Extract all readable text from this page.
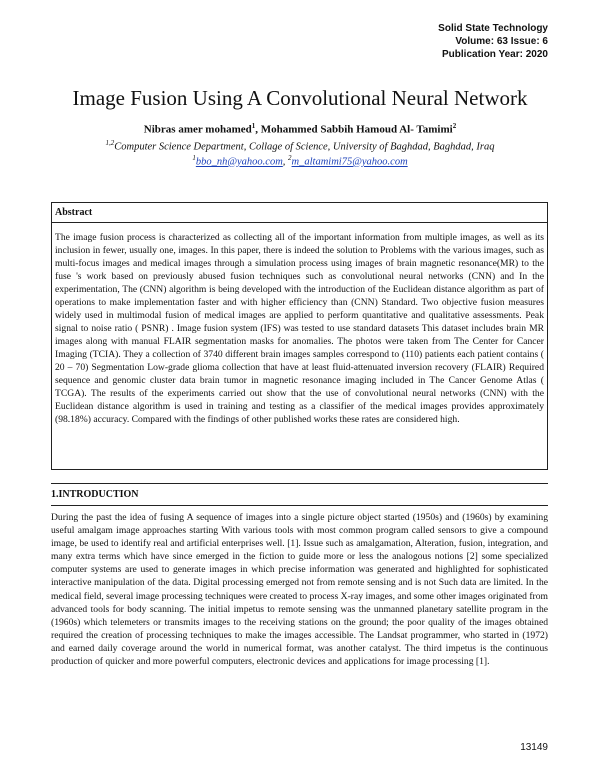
Solid State Technology
Volume: 63 Issue: 6
Publication Year: 2020
Image Fusion Using A Convolutional Neural Network
Nibras amer mohamed$^1$, Mohammed Sabbih Hamoud Al- Tamimi$^2$
$^{1,2}$Computer Science Department, Collage of Science, University of Baghdad, Baghdad, Iraq
$^1$bbo_nh@yahoo.com, $^2$m_altamimi75@yahoo.com
Abstract
The image fusion process is characterized as collecting all of the important information from multiple images, as well as its inclusion in fewer, usually one, images. In this paper, there is indeed the solution to Problems with the various images, such as multi-focus images and medical images through a simulation process using images of brain magnetic resonance(MR) to the fuse 's work based on previously abused fusion techniques such as convolutional neural networks (CNN) and In the experimentation, The (CNN) algorithm is being developed with the introduction of the Euclidean distance algorithm as part of operations to make implementation faster and with higher efficiency than (CNN) Standard. Two objective fusion measures widely used in multimodal fusion of medical images are applied to perform quantitative and qualitative assessments. Peak signal to noise ratio ( PSNR) . Image fusion system (IFS) was tested to use standard datasets This dataset includes brain MR images along with manual FLAIR segmentation masks for anomalies. The photos were taken from The Center for Cancer Imaging (TCIA). They a collection of 3740 different brain images samples correspond to (110) patients each patient contains ( 20 – 70) Segmentation Low-grade glioma collection that have at least fluid-attenuated inversion recovery (FLAIR) Required sequence and genomic cluster data brain tumor in magnetic resonance imaging included in The Cancer Genome Atlas ( TCGA). The results of the experiments carried out show that the use of convolutional neural networks (CNN) with the Euclidean distance algorithm is used in training and testing as a classifier of the medical images provides approximately (98.18%) accuracy. Compared with the findings of other published works these rates are considered high.
1.INTRODUCTION
During the past the idea of fusing A sequence of images into a single picture object started (1950s) and (1960s) by examining useful amalgam image approaches starting With various tools with most common program called sensors to give a compound image, be used to identify real and artificial enterprises well. [1]. Issue such as amalgamation, Alteration, fusion, integration, and many extra terms which have since emerged in the fiction to guide more or less the analogous notions [2] some specialized computer systems are used to generate images in which precise information was generated and highlighted for sophisticated interactive manipulation of the data. Digital processing emerged not from remote sensing and is not Such data are limited. In the medical field, several image processing techniques were created to process X-ray images, and some other images originated from advanced tools for body scanning. The initial impetus to remote sensing was the unmanned planetary satellite program in the (1960s) which telemeters or transmits images to the receiving stations on the ground; the poor quality of the images obtained required the creation of processing techniques to make the images accessible. The Landsat programmer, who started in (1972) and earned daily coverage around the world in numerical format, was another catalyst. The third impetus is the continuous production of quicker and more powerful computers, electronic devices and applications for image processing [1].
13149
